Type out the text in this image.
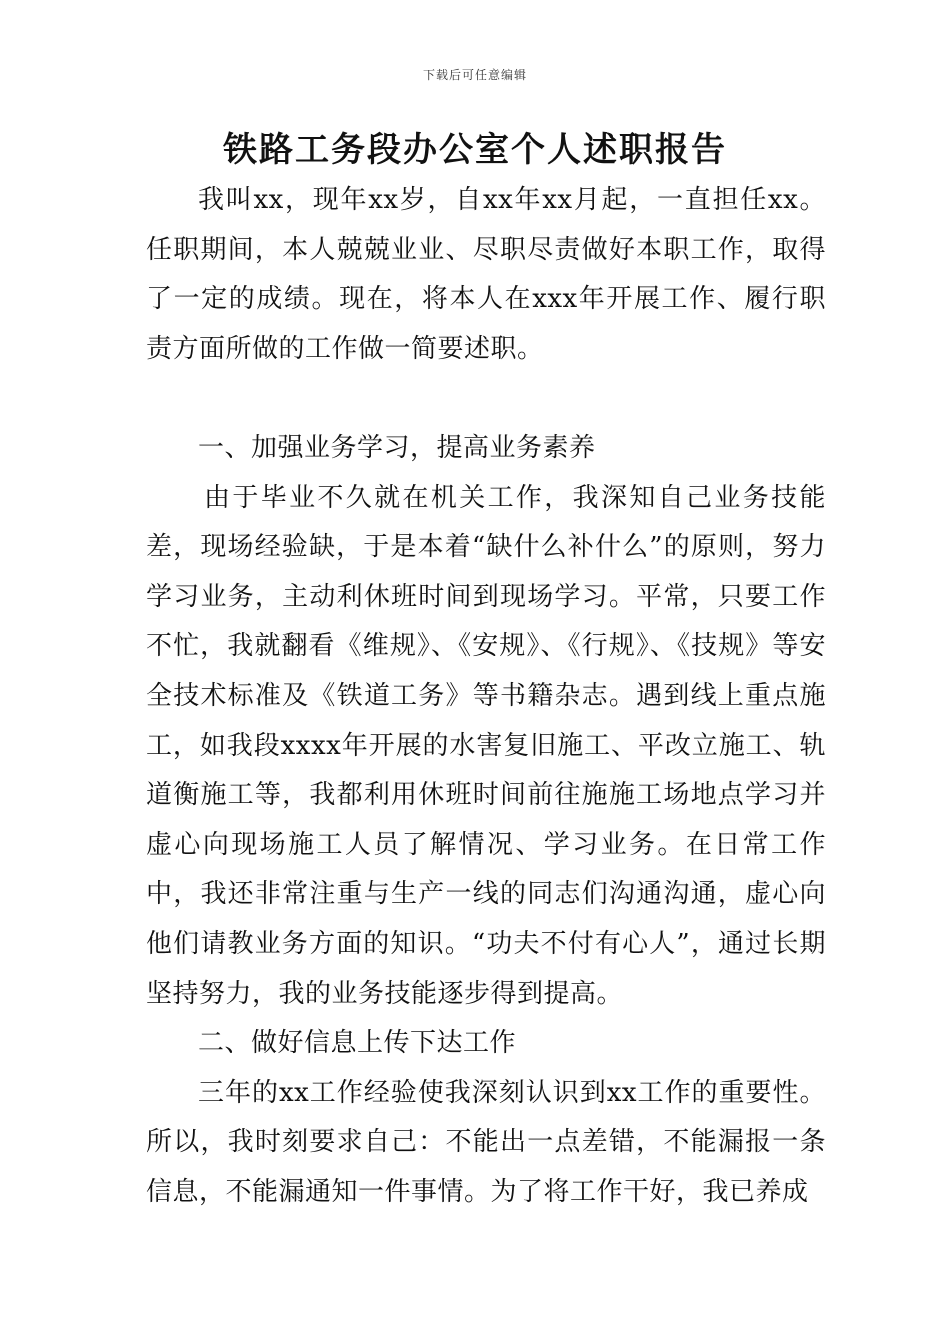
下载后可任意编辑
铁路工务段办公室个人述职报告

我叫xx，现年xx岁，自xx年xx月起，一直担任xx。任职期间，本人兢兢业业、尽职尽责做好本职工作，取得了一定的成绩。现在，将本人在xxx年开展工作、履行职责方面所做的工作做一简要述职。

一、加强业务学习，提高业务素养

由于毕业不久就在机关工作，我深知自己业务技能差，现场经验缺，于是本着“缺什么补什么”的原则，努力学习业务，主动利休班时间到现场学习。平常，只要工作不忙，我就翻看《维规》、《安规》、《行规》、《技规》等安全技术标准及《铁道工务》等书籍杂志。遇到线上重点施工，如我段xxxx年开展的水害复旧施工、平改立施工、轨道衡施工等，我都利用休班时间前往施施工场地点学习并虚心向现场施工人员了解情况、学习业务。在日常工作中，我还非常注重与生产一线的同志们沟通沟通，虚心向他们请教业务方面的知识。“功夫不付有心人”，通过长期坚持努力，我的业务技能逐步得到提高。

二、做好信息上传下达工作

三年的xx工作经验使我深刻认识到xx工作的重要性。所以，我时刻要求自己：不能出一点差错，不能漏报一条信息，不能漏通知一件事情。为了将工作干好，我已养成
